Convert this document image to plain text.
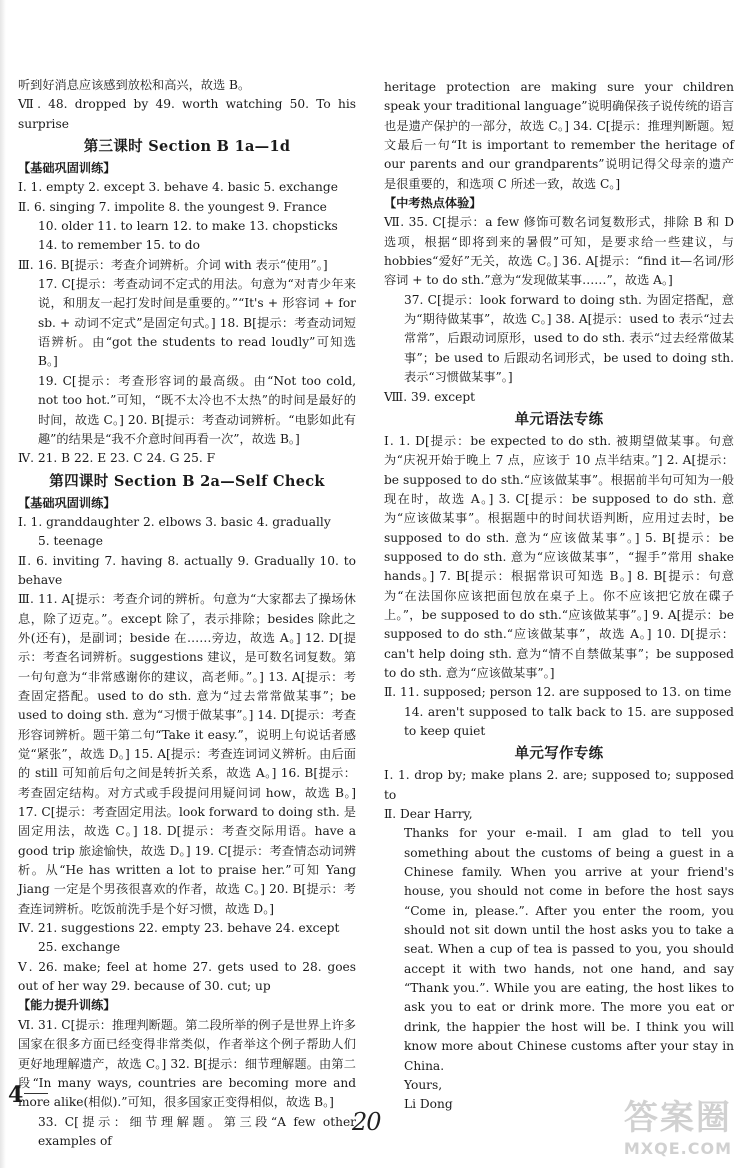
听到好消息应该感到放松和高兴，故选 B。
Ⅶ. 48. dropped by 49. worth watching 50. To his surprise
第三课时 Section B 1a—1d
【基础巩固训练】
Ⅰ. 1. empty 2. except 3. behave 4. basic 5. exchange
Ⅱ. 6. singing 7. impolite 8. the youngest 9. France
10. older 11. to learn 12. to make 13. chopsticks
14. to remember 15. to do
Ⅲ. 16. B[提示：考查介词辨析。介词 with 表示“使用”。]
17. C[提示：考查动词不定式的用法。句意为“对青少年来说，和朋友一起打发时间是重要的。”“It's + 形容词 + for sb. + 动词不定式”是固定句式。] 18. B[提示：考查动词短语辨析。由“got the students to read loudly”可知选 B。]
19. C[提示：考查形容词的最高级。由“Not too cold, not too hot.”可知，“既不太冷也不太热”的时间是最好的时间，故选 C。] 20. B[提示：考查动词辨析。“电影如此有趣”的结果是“我不介意时间再看一次”，故选 B。]
Ⅳ. 21. B 22. E 23. C 24. G 25. F
第四课时 Section B 2a—Self Check
【基础巩固训练】
Ⅰ. 1. granddaughter 2. elbows 3. basic 4. gradually
5. teenage
Ⅱ. 6. inviting 7. having 8. actually 9. Gradually 10. to behave
Ⅲ. 11. A[提示：考查介词的辨析。句意为“大家都去了操场休息，除了迈克。”。except 除了，表示排除；besides 除此之外(还有)，是副词；beside 在……旁边，故选 A。] 12. D[提示：考查名词辨析。suggestions 建议，是可数名词复数。第一句句意为“非常感谢你的建议，高老师。”。] 13. A[提示：考查固定搭配。used to do sth. 意为“过去常常做某事”；be used to doing sth. 意为“习惯于做某事”。] 14. D[提示：考查形容词辨析。题干第二句“Take it easy.”，说明上句说话者感觉“紧张”，故选 D。] 15. A[提示：考查连词词义辨析。由后面的 still 可知前后句之间是转折关系，故选 A。] 16. B[提示：考查固定结构。对方式或手段提问用疑问词 how，故选 B。] 17. C[提示：考查固定用法。look forward to doing sth. 是固定用法，故选 C。] 18. D[提示：考查交际用语。have a good trip 旅途愉快，故选 D。] 19. C[提示：考查情态动词辨析。从“He has written a lot to praise her.”可知 Yang Jiang 一定是个男孩很喜欢的作者，故选 C。] 20. B[提示：考查连词辨析。吃饭前洗手是个好习惯，故选 D。]
Ⅳ. 21. suggestions 22. empty 23. behave 24. except
25. exchange
Ⅴ. 26. make; feel at home 27. gets used to 28. goes out of her way 29. because of 30. cut; up
【能力提升训练】
Ⅵ. 31. C[提示：推理判断题。第二段所举的例子是世界上许多国家在很多方面已经变得非常类似，作者举这个例子帮助人们更好地理解遗产，故选 C。] 32. B[提示：细节理解题。由第二段“In many ways, countries are becoming more and more alike(相似).”可知，很多国家正变得相似，故选 B。]
33. C[提示：细节理解题。第三段“A few other examples of
heritage protection are making sure your children speak your traditional language”说明确保孩子说传统的语言也是遗产保护的一部分，故选 C。] 34. C[提示：推理判断题。短文最后一句“It is important to remember the heritage of our parents and our grandparents”说明记得父母亲的遗产是很重要的，和选项 C 所述一致，故选 C。]
【中考热点体验】
Ⅶ. 35. C[提示：a few 修饰可数名词复数形式，排除 B 和 D 选项，根据“即将到来的暑假”可知，是要求给一些建议，与 hobbies“爱好”无关，故选 C。] 36. A[提示：“find it—名词/形容词 + to do sth.”意为“发现做某事……”，故选 A。]
37. C[提示：look forward to doing sth. 为固定搭配，意为“期待做某事”，故选 C。] 38. A[提示：used to 表示“过去常常”，后跟动词原形，used to do sth. 表示“过去经常做某事”；be used to 后跟动名词形式，be used to doing sth. 表示“习惯做某事”。]
Ⅷ. 39. except
单元语法专练
Ⅰ. 1. D[提示：be expected to do sth. 被期望做某事。句意为“庆祝开始于晚上 7 点，应该于 10 点半结束。”] 2. A[提示：be supposed to do sth.“应该做某事”。根据前半句可知为一般现在时，故选 A。] 3. C[提示：be supposed to do sth. 意为“应该做某事”。根据题中的时间状语判断，应用过去时，be supposed to do sth. 意为“应该做某事”。] 5. B[提示：be supposed to do sth. 意为“应该做某事”，“握手”常用 shake hands。] 7. B[提示：根据常识可知选 B。] 8. B[提示：句意为“在法国你应该把面包放在桌子上。你不应该把它放在碟子上。”，be supposed to do sth.“应该做某事”。] 9. A[提示：be supposed to do sth.“应该做某事”，故选 A。] 10. D[提示：can't help doing sth. 意为“情不自禁做某事”；be supposed to do sth. 意为“应该做某事”。]
Ⅱ. 11. supposed; person 12. are supposed to 13. on time
14. aren't supposed to talk back to 15. are supposed to keep quiet
单元写作专练
Ⅰ. 1. drop by; make plans 2. are; supposed to; supposed to
Ⅱ. Dear Harry,
Thanks for your e-mail. I am glad to tell you something about the customs of being a guest in a Chinese family. When you arrive at your friend's house, you should not come in before the host says “Come in, please.”. After you enter the room, you should not sit down until the host asks you to take a seat. When a cup of tea is passed to you, you should accept it with two hands, not one hand, and say “Thank you.”. While you are eating, the host likes to ask you to eat or drink more. The more you eat or drink, the happier the host will be. I think you will know more about Chinese customs after your stay in China.
Yours,
Li Dong
4
20	答案圈
MXQE.COM
